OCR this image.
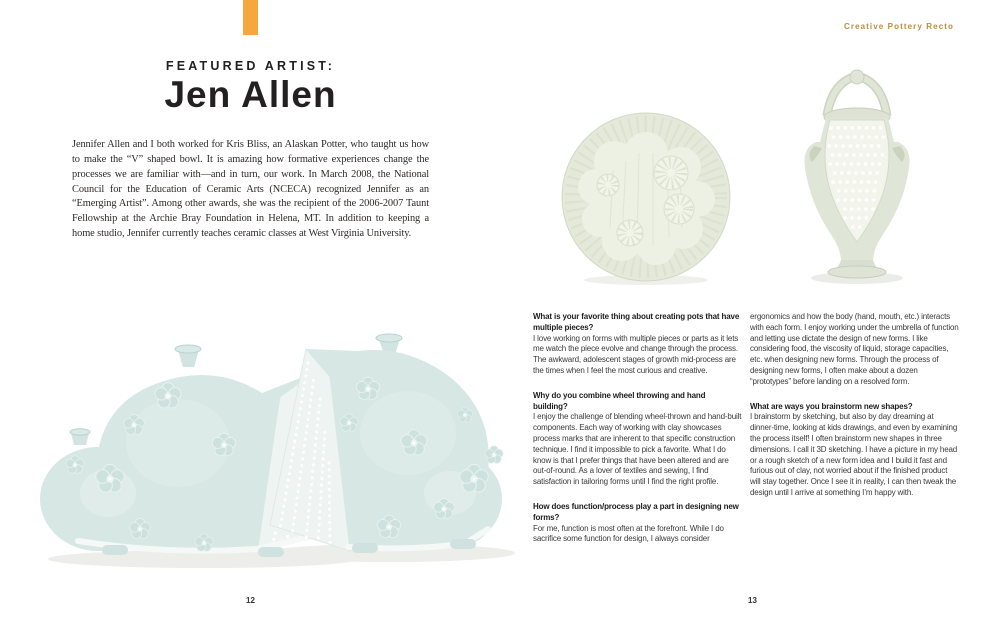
Creative Pottery Recto
FEATURED ARTIST:
Jen Allen

Jennifer Allen and I both worked for Kris Bliss, an Alaskan Potter, who taught us how to make the “V” shaped bowl. It is amazing how formative experiences change the processes we are familiar with—and in turn, our work. In March 2008, the National Council for the Education of Ceramic Arts (NCECA) recognized Jennifer as an “Emerging Artist”. Among other awards, she was the recipient of the 2006-2007 Taunt Fellowship at the Archie Bray Foundation in Helena, MT. In addition to keeping a home studio, Jennifer currently teaches ceramic classes at West Virginia University.

What is your favorite thing about creating pots that have multiple pieces?

I love working on forms with multiple pieces or parts as it lets me watch the piece evolve and change through the process. The awkward, adolescent stages of growth mid-process are the times when I feel the most curious and creative.

Why do you combine wheel throwing and hand building?

I enjoy the challenge of blending wheel-thrown and hand-built components. Each way of working with clay showcases process marks that are inherent to that specific construction technique. I find it impossible to pick a favorite. What I do know is that I prefer things that have been altered and are out-of-round. As a lover of textiles and sewing, I find satisfaction in tailoring forms until I find the right profile.

How does function/process play a part in designing new forms?

For me, function is most often at the forefront. While I do sacrifice some function for design, I always consider

ergonomics and how the body (hand, mouth, etc.) interacts with each form. I enjoy working under the umbrella of function and letting use dictate the design of new forms. I like considering food, the viscosity of liquid, storage capacities, etc. when designing new forms. Through the process of designing new forms, I often make about a dozen “prototypes” before landing on a resolved form.

What are ways you brainstorm new shapes?

I brainstorm by sketching, but also by day dreaming at dinner-time, looking at kids drawings, and even by examining the process itself! I often brainstorm new shapes in three dimensions. I call it 3D sketching. I have a picture in my head or a rough sketch of a new form idea and I build it fast and furious out of clay, not worried about if the finished product will stay together. Once I see it in reality, I can then tweak the design until I arrive at something I’m happy with.

12	13
